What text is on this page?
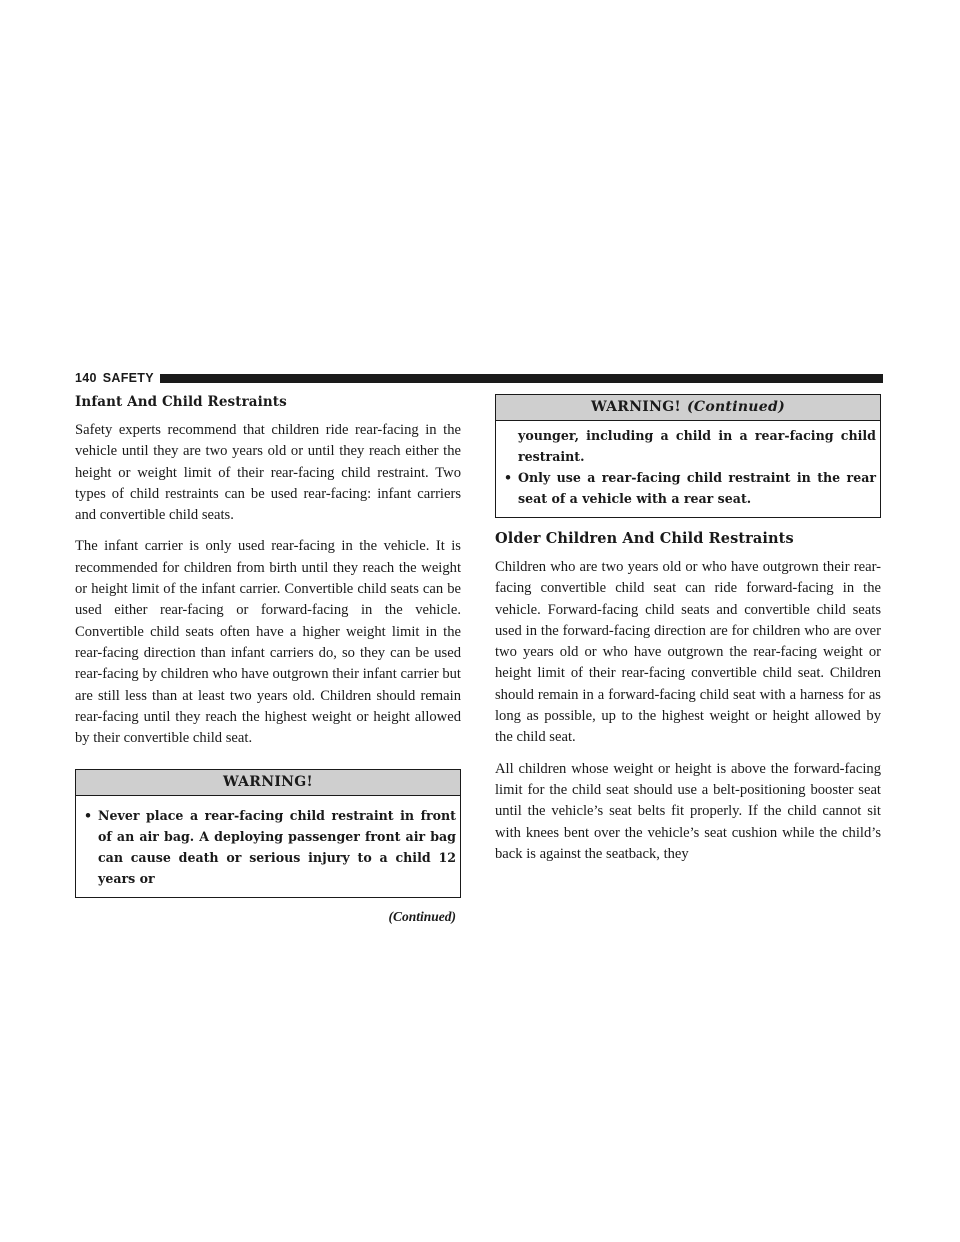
140 SAFETY
Infant And Child Restraints

Safety experts recommend that children ride rear-facing in the vehicle until they are two years old or until they reach either the height or weight limit of their rear-facing child restraint. Two types of child restraints can be used rear-facing: infant carriers and convertible child seats.

The infant carrier is only used rear-facing in the vehicle. It is recommended for children from birth until they reach the weight or height limit of the infant carrier. Convertible child seats can be used either rear-facing or forward-facing in the vehicle. Convertible child seats often have a higher weight limit in the rear-facing direction than infant carriers do, so they can be used rear-facing by children who have outgrown their infant carrier but are still less than at least two years old. Children should remain rear-facing until they reach the highest weight or height allowed by their convertible child seat.

WARNING!
• Never place a rear-facing child restraint in front of an air bag. A deploying passenger front air bag can cause death or serious injury to a child 12 years or
(Continued)
WARNING! (Continued)
younger, including a child in a rear-facing child restraint.
• Only use a rear-facing child restraint in the rear seat of a vehicle with a rear seat.
Older Children And Child Restraints

Children who are two years old or who have outgrown their rear-facing convertible child seat can ride forward-facing in the vehicle. Forward-facing child seats and convertible child seats used in the forward-facing direction are for children who are over two years old or who have outgrown the rear-facing weight or height limit of their rear-facing convertible child seat. Children should remain in a forward-facing child seat with a harness for as long as possible, up to the highest weight or height allowed by the child seat.

All children whose weight or height is above the forward-facing limit for the child seat should use a belt-positioning booster seat until the vehicle’s seat belts fit properly. If the child cannot sit with knees bent over the vehicle’s seat cushion while the child’s back is against the seatback, they
